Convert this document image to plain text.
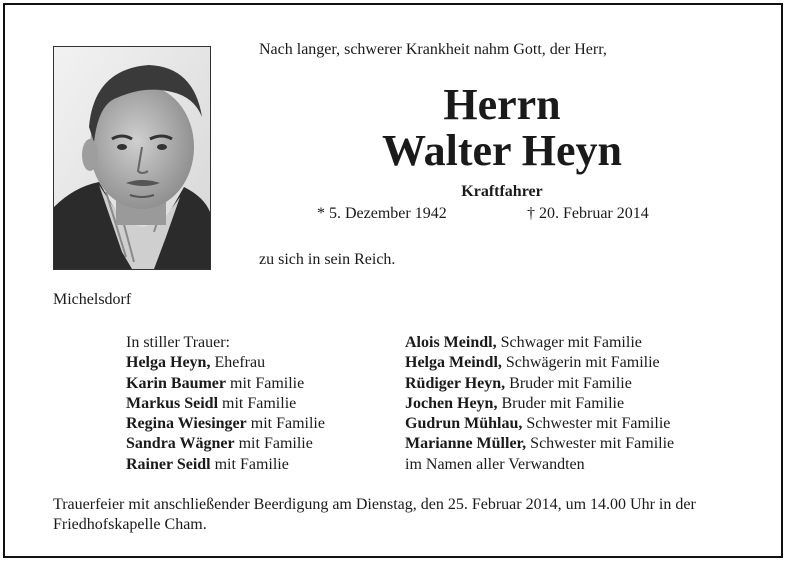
Nach langer, schwerer Krankheit nahm Gott, der Herr,
Herrn
Walter Heyn
Kraftfahrer
* 5. Dezember 1942	† 20. Februar 2014
zu sich in sein Reich.
Michelsdorf
In stiller Trauer:
Helga Heyn, Ehefrau
Karin Baumer mit Familie
Markus Seidl mit Familie
Regina Wiesinger mit Familie
Sandra Wägner mit Familie
Rainer Seidl mit Familie
Alois Meindl, Schwager mit Familie
Helga Meindl, Schwägerin mit Familie
Rüdiger Heyn, Bruder mit Familie
Jochen Heyn, Bruder mit Familie
Gudrun Mühlau, Schwester mit Familie
Marianne Müller, Schwester mit Familie
im Namen aller Verwandten
Trauerfeier mit anschließender Beerdigung am Dienstag, den 25. Februar 2014, um 14.00 Uhr in der Friedhofskapelle Cham.
